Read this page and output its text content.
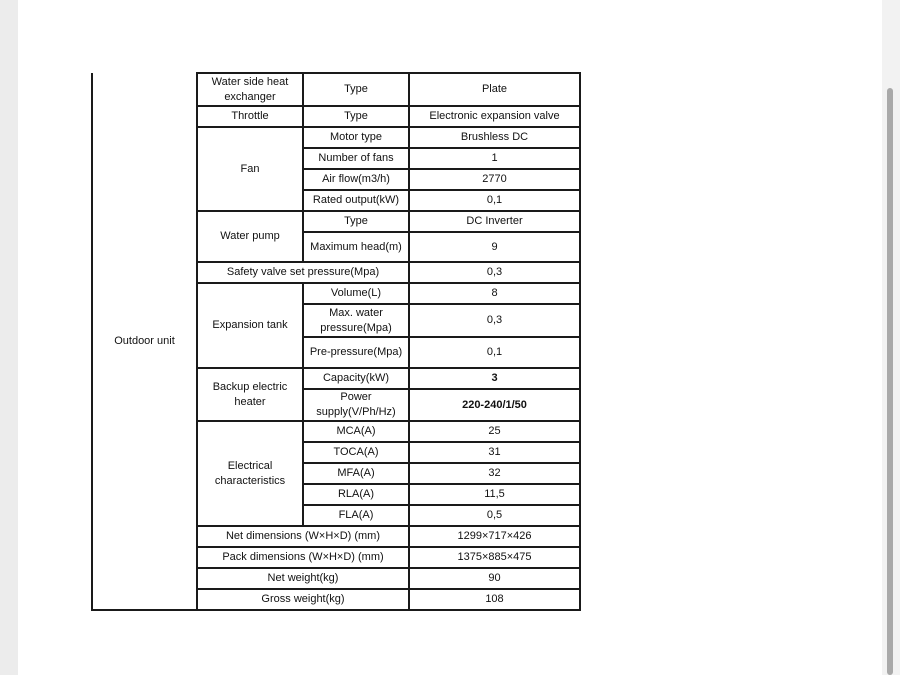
Outdoor unit	Water side heat exchanger	Type	Plate
	Throttle	Type	Electronic expansion valve
	Fan	Motor type	Brushless DC
		Number of fans	1
		Air flow(m3/h)	2770
		Rated output(kW)	0,1
	Water pump	Type	DC Inverter
		Maximum head(m)	9
	Safety valve set pressure(Mpa)		0,3
	Expansion tank	Volume(L)	8
		Max. water pressure(Mpa)	0,3
		Pre-pressure(Mpa)	0,1
	Backup electric heater	Capacity(kW)	3
		Power supply(V/Ph/Hz)	220-240/1/50
	Electrical characteristics	MCA(A)	25
		TOCA(A)	31
		MFA(A)	32
		RLA(A)	11,5
		FLA(A)	0,5
	Net dimensions (W×H×D) (mm)		1299×717×426
	Pack dimensions (W×H×D) (mm)		1375×885×475
	Net weight(kg)		90
	Gross weight(kg)		108
